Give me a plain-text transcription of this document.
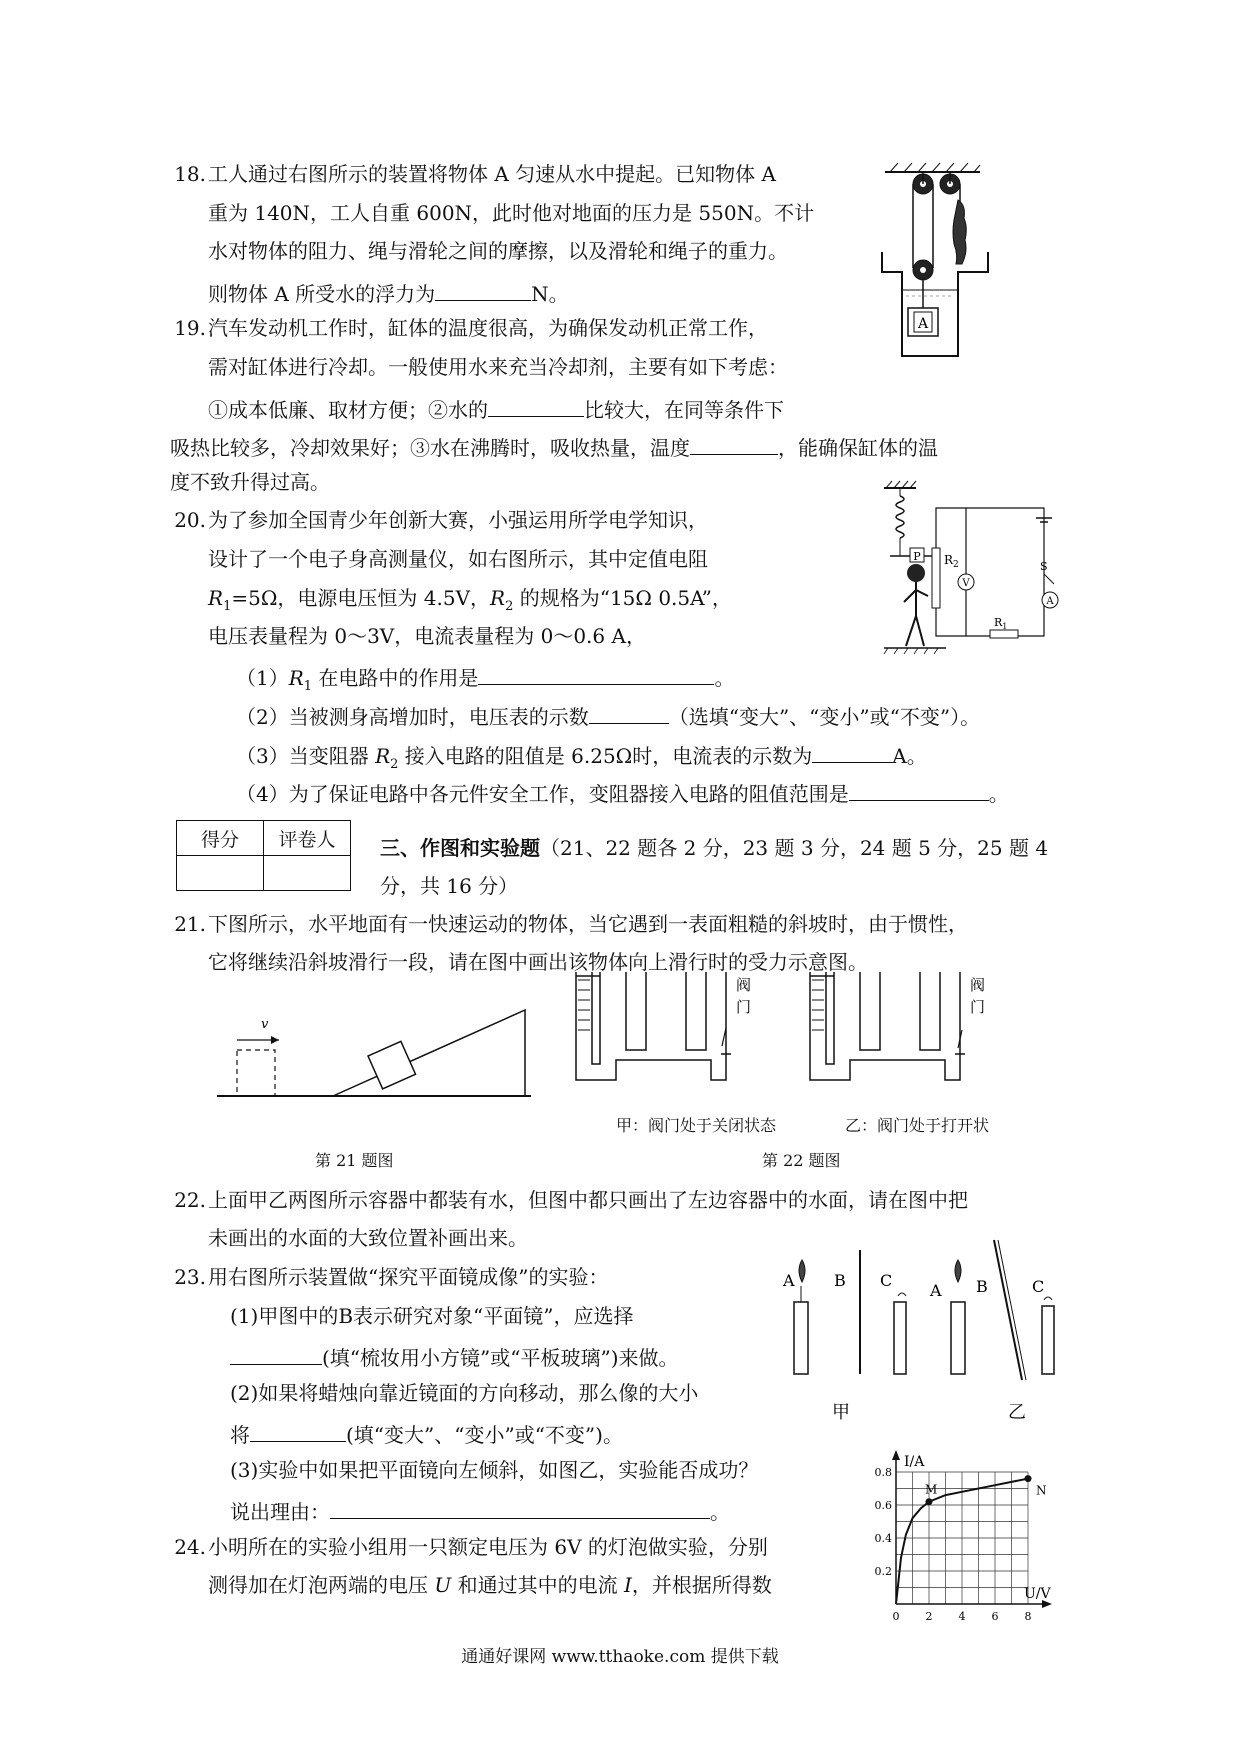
18. 工人通过右图所示的装置将物体 A 匀速从水中提起。已知物体 A
重为 140N，工人自重 600N，此时他对地面的压力是 550N。不计
水对物体的阻力、绳与滑轮之间的摩擦，以及滑轮和绳子的重力。
则物体 A 所受水的浮力为	N。
A
19. 汽车发动机工作时，缸体的温度很高，为确保发动机正常工作，
需对缸体进行冷却。一般使用水来充当冷却剂，主要有如下考虑：
①成本低廉、取材方便；②水的	比较大，在同等条件下
吸热比较多，冷却效果好；③水在沸腾时，吸收热量，温度	，能确保缸体的温
度不致升得过高。
20. 为了参加全国青少年创新大赛，小强运用所学电学知识，
设计了一个电子身高测量仪，如右图所示，其中定值电阻
$R_1=5\Omega$，电源电压恒为 4.5V，$R_2$ 的规格为“15Ω 0.5A”，
电压表量程为 0～3V，电流表量程为 0～0.6 A，
$(1)R_1$ 在电路中的作用是	。
（2）当被测身高增加时，电压表的示数	（选填“变大”、“变小”或“不变”）。
（3）当变阻器 $R_2$ 接入电路的阻值是 6.25Ω时，电流表的示数为	A。
（4）为了保证电路中各元件安全工作，变阻器接入电路的阻值范围是	。
P $R_2$
V
S
A
$R_1$
得分	评卷人
	三、作图和实验题（21、22 题各 2 分，23 题 3 分，24 题 5 分，25 题 4
分，共 16 分）
21. 下图所示，水平地面有一快速运动的物体，当它遇到一表面粗糙的斜坡时，由于惯性，
它将继续沿斜坡滑行一段，请在图中画出该物体向上滑行时的受力示意图。
v
第 21 题图
阀
门
阀
门
甲：阀门处于关闭状态	乙：阀门处于打开状
第 22 题图
22. 上面甲乙两图所示容器中都装有水，但图中都只画出了左边容器中的水面，请在图中把
未画出的水面的大致位置补画出来。
23. 用右图所示装置做“探究平面镜成像”的实验：
(1)甲图中的B表示研究对象“平面镜”，应选择
(填“梳妆用小方镜”或“平板玻璃”)来做。
(2)如果将蜡烛向靠近镜面的方向移动，那么像的大小
将	(填“变大”、“变小”或“不变”)。
(3)实验中如果把平面镜向左倾斜，如图乙，实验能否成功？
说出理由：	。
A B C
A B	C
甲	乙
24. 小明所在的实验小组用一只额定电压为 6V 的灯泡做实验，分别
测得加在灯泡两端的电压 U 和通过其中的电流 I，并根据所得数
M	N
0 2 4 6 8
0.2
0.4
0.6
0.8
I/A
U/V
通通好课网 www.tthaoke.com 提供下载
